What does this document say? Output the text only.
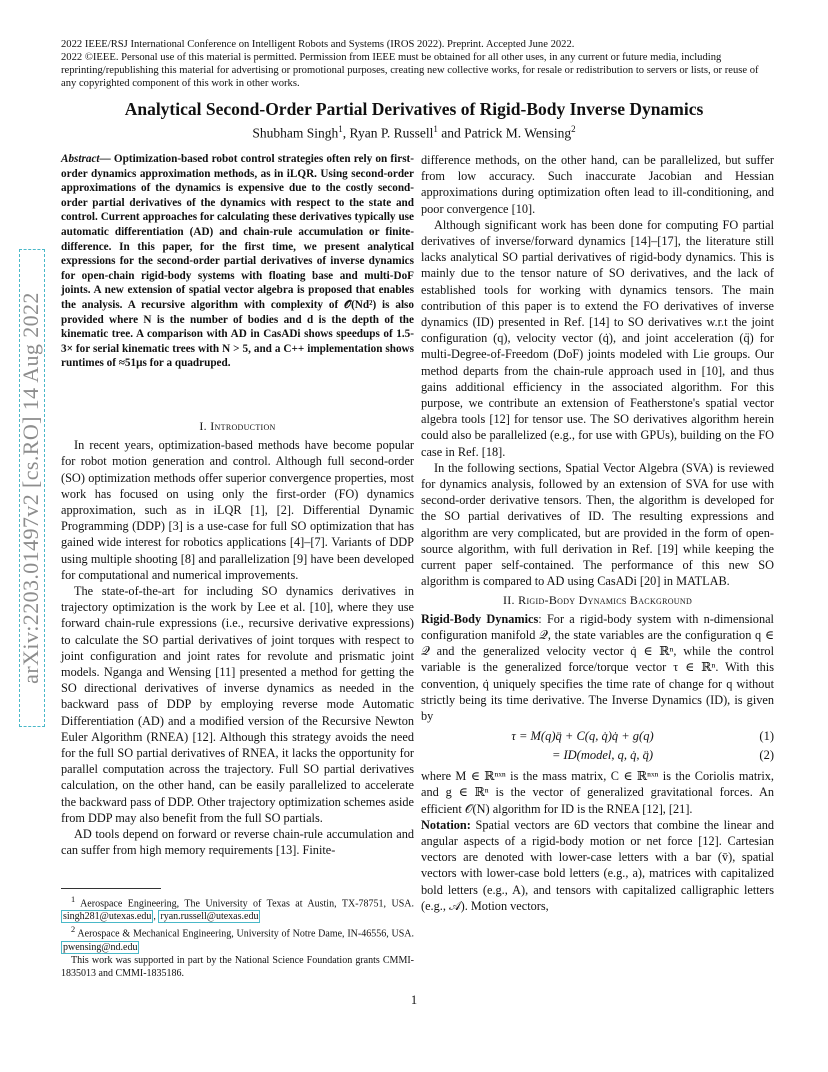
2022 IEEE/RSJ International Conference on Intelligent Robots and Systems (IROS 2022). Preprint. Accepted June 2022.

2022 ©IEEE. Personal use of this material is permitted. Permission from IEEE must be obtained for all other uses, in any current or future media, including reprinting/republishing this material for advertising or promotional purposes, creating new collective works, for resale or redistribution to servers or lists, or reuse of any copyrighted component of this work in other works.

Analytical Second-Order Partial Derivatives of Rigid-Body Inverse Dynamics
Shubham Singh$^1$, Ryan P. Russell$^1$ and Patrick M. Wensing$^2$
arXiv:2203.01497v2 [cs.RO] 14 Aug 2022
Abstract— Optimization-based robot control strategies often rely on first-order dynamics approximation methods, as in iLQR. Using second-order approximations of the dynamics is expensive due to the costly second-order partial derivatives of the dynamics with respect to the state and control. Current approaches for calculating these derivatives typically use automatic differentiation (AD) and chain-rule accumulation or finite-difference. In this paper, for the first time, we present analytical expressions for the second-order partial derivatives of inverse dynamics for open-chain rigid-body systems with floating base and multi-DoF joints. A new extension of spatial vector algebra is proposed that enables the analysis. A recursive algorithm with complexity of 𝒪(Nd²) is also provided where N is the number of bodies and d is the depth of the kinematic tree. A comparison with AD in CasADi shows speedups of 1.5-3× for serial kinematic trees with N > 5, and a C++ implementation shows runtimes of ≈51μs for a quadruped.
I. Introduction

In recent years, optimization-based methods have become popular for robot motion generation and control. Although full second-order (SO) optimization methods offer superior convergence properties, most work has focused on using only the first-order (FO) dynamics approximation, such as in iLQR [1], [2]. Differential Dynamic Programming (DDP) [3] is a use-case for full SO optimization that has gained wide interest for robotics applications [4]–[7]. Variants of DDP using multiple shooting [8] and parallelization [9] have been developed for computational and numerical improvements.

The state-of-the-art for including SO dynamics derivatives in trajectory optimization is the work by Lee et al. [10], where they use forward chain-rule expressions (i.e., recursive derivative expressions) to calculate the SO partial derivatives of joint torques with respect to joint configuration and joint rates for revolute and prismatic joint models. Nganga and Wensing [11] presented a method for getting the SO directional derivatives of inverse dynamics as needed in the backward pass of DDP by employing reverse mode Automatic Differentiation (AD) and a modified version of the Recursive Newton Euler Algorithm (RNEA) [12]. Although this strategy avoids the need for the full SO partial derivatives of RNEA, it lacks the opportunity for parallel computation across the trajectory. Full SO partial derivatives calculation, on the other hand, can be easily parallelized to accelerate the backward pass of DDP. Other trajectory optimization schemes aside from DDP may also benefit from the full SO partials.

AD tools depend on forward or reverse chain-rule accumulation and can suffer from high memory requirements [13]. Finite-

$^1$ Aerospace Engineering, The University of Texas at Austin, TX-78751, USA. singh281@utexas.edu , ryan.russell@utexas.edu

$^2$ Aerospace & Mechanical Engineering, University of Notre Dame, IN-46556, USA. pwensing@nd.edu

This work was supported in part by the National Science Foundation grants CMMI-1835013 and CMMI-1835186.

difference methods, on the other hand, can be parallelized, but suffer from low accuracy. Such inaccurate Jacobian and Hessian approximations during optimization often lead to ill-conditioning, and poor convergence [10].

Although significant work has been done for computing FO partial derivatives of inverse/forward dynamics [14]–[17], the literature still lacks analytical SO partial derivatives of rigid-body dynamics. This is mainly due to the tensor nature of SO derivatives, and the lack of established tools for working with dynamics tensors. The main contribution of this paper is to extend the FO derivatives of inverse dynamics (ID) presented in Ref. [14] to SO derivatives w.r.t the joint configuration (q), velocity vector (q̇), and joint acceleration (q̈) for multi-Degree-of-Freedom (DoF) joints modeled with Lie groups. Our method departs from the chain-rule approach used in [10], and thus gains additional efficiency in the associated algorithm. For this purpose, we contribute an extension of Featherstone's spatial vector algebra tools [12] for tensor use. The SO derivatives algorithm herein could also be parallelized (e.g., for use with GPUs), building on the FO case in Ref. [18].

In the following sections, Spatial Vector Algebra (SVA) is reviewed for dynamics analysis, followed by an extension of SVA for use with second-order derivative tensors. Then, the algorithm is developed for the SO partial derivatives of ID. The resulting expressions and algorithm are very complicated, but are provided in the form of open-source algorithm, with full derivation in Ref. [19] while keeping the current paper self-contained. The performance of this new SO algorithm is compared to AD using CasADi [20] in MATLAB.

II. Rigid-Body Dynamics Background

Rigid-Body Dynamics: For a rigid-body system with n-dimensional configuration manifold 𝒬, the state variables are the configuration q ∈ 𝒬 and the generalized velocity vector q̇ ∈ ℝⁿ, while the control variable is the generalized force/torque vector τ ∈ ℝⁿ. With this convention, q̇ uniquely specifies the time rate of change for q without strictly being its time derivative. The Inverse Dynamics (ID), is given by

τ = M(q)q̈ + C(q, q̇)q̇ + g(q)	(1)
= ID(model, q, q̇, q̈)	(2)

where M ∈ ℝⁿˣⁿ is the mass matrix, C ∈ ℝⁿˣⁿ is the Coriolis matrix, and g ∈ ℝⁿ is the vector of generalized gravitational forces. An efficient 𝒪(N) algorithm for ID is the RNEA [12], [21].

Notation: Spatial vectors are 6D vectors that combine the linear and angular aspects of a rigid-body motion or net force [12]. Cartesian vectors are denoted with lower-case letters with a bar (v̄), spatial vectors with lower-case bold letters (e.g., a), matrices with capitalized bold letters (e.g., A), and tensors with capitalized calligraphic letters (e.g., 𝒜). Motion vectors,

1
